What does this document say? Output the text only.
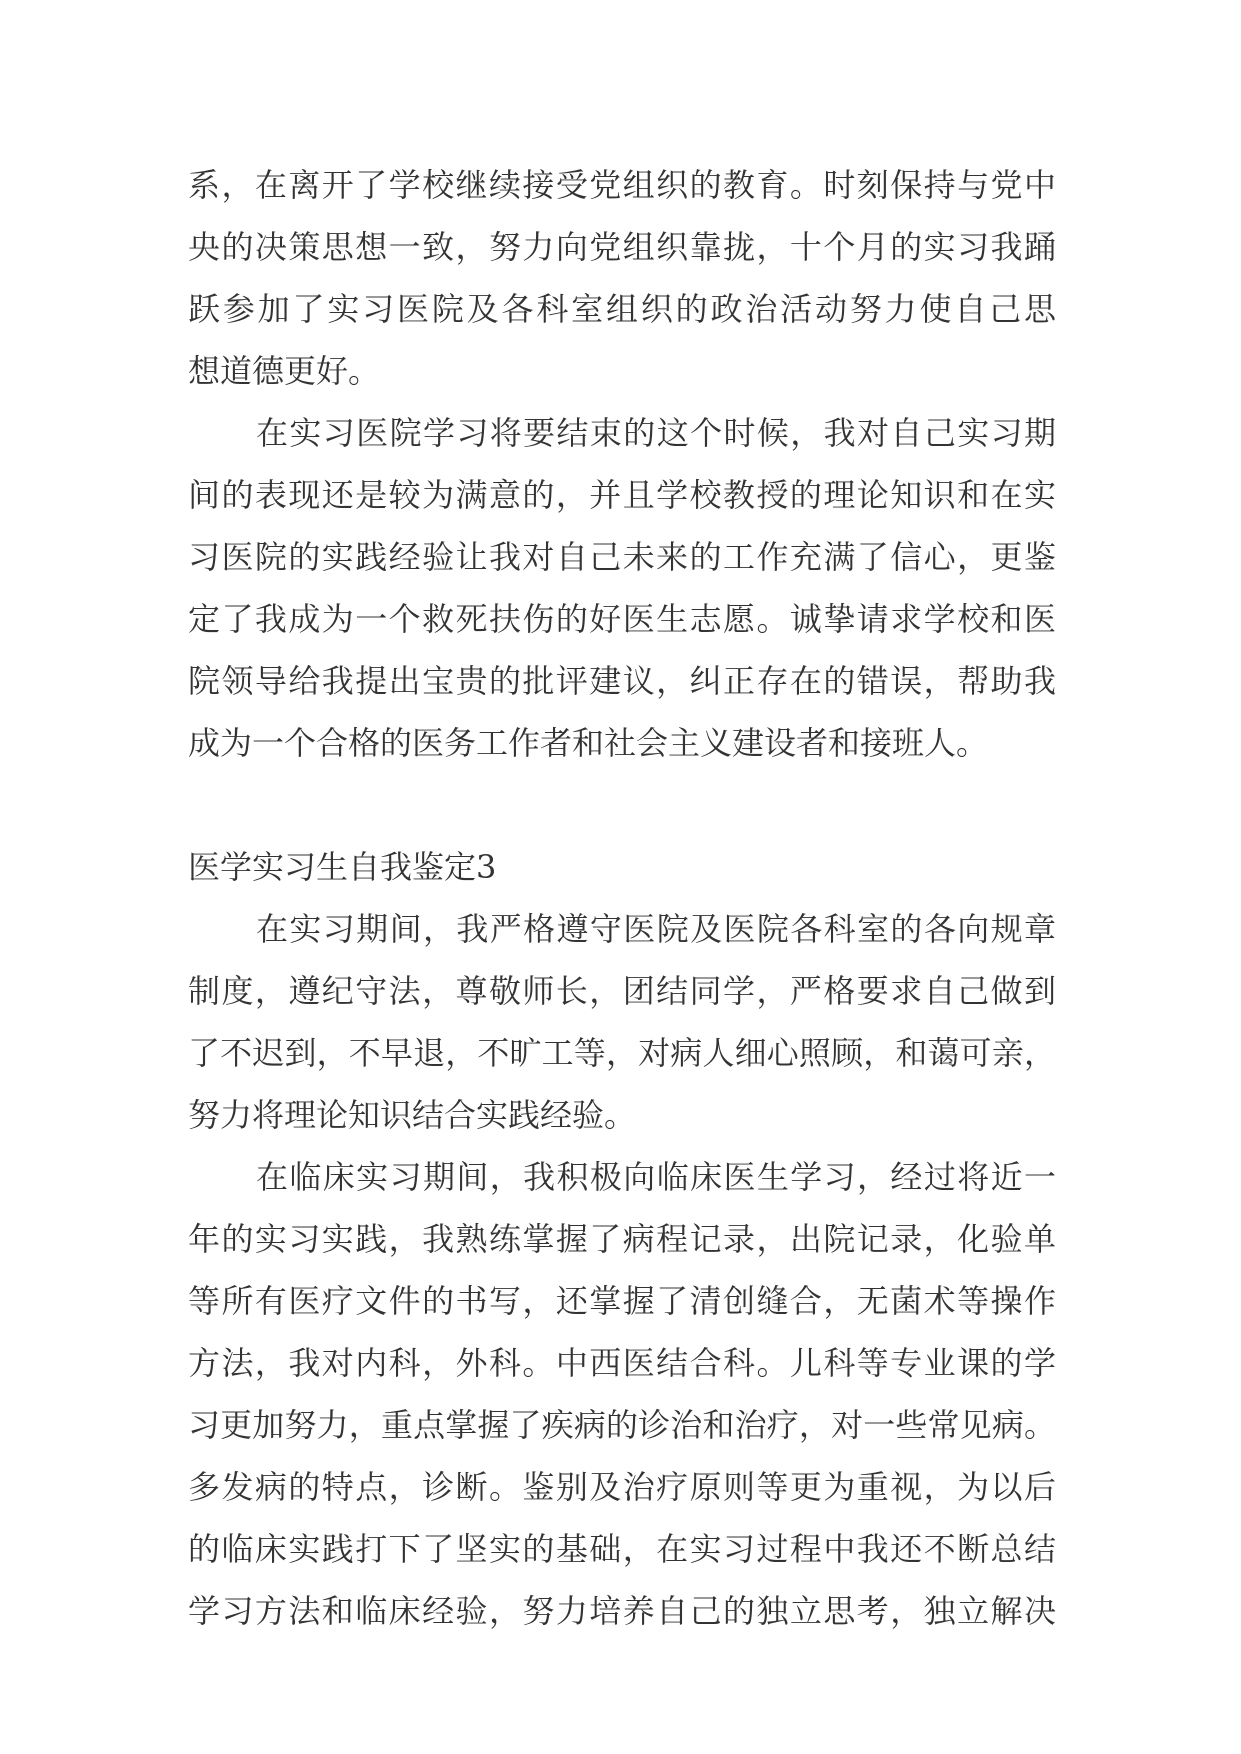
系，在离开了学校继续接受党组织的教育。时刻保持与党中
央的决策思想一致，努力向党组织靠拢，十个月的实习我踊
跃参加了实习医院及各科室组织的政治活动努力使自己思
想道德更好。
在实习医院学习将要结束的这个时候，我对自己实习期
间的表现还是较为满意的，并且学校教授的理论知识和在实
习医院的实践经验让我对自己未来的工作充满了信心，更鉴
定了我成为一个救死扶伤的好医生志愿。诚挚请求学校和医
院领导给我提出宝贵的批评建议，纠正存在的错误，帮助我
成为一个合格的医务工作者和社会主义建设者和接班人。
医学实习生自我鉴定3
在实习期间，我严格遵守医院及医院各科室的各向规章
制度，遵纪守法，尊敬师长，团结同学，严格要求自己做到
了不迟到，不早退，不旷工等，对病人细心照顾，和蔼可亲，
努力将理论知识结合实践经验。
在临床实习期间，我积极向临床医生学习，经过将近一
年的实习实践，我熟练掌握了病程记录，出院记录，化验单
等所有医疗文件的书写，还掌握了清创缝合，无菌术等操作
方法，我对内科，外科。中西医结合科。儿科等专业课的学
习更加努力，重点掌握了疾病的诊治和治疗，对一些常见病。
多发病的特点，诊断。鉴别及治疗原则等更为重视，为以后
的临床实践打下了坚实的基础，在实习过程中我还不断总结
学习方法和临床经验，努力培养自己的独立思考，独立解决
